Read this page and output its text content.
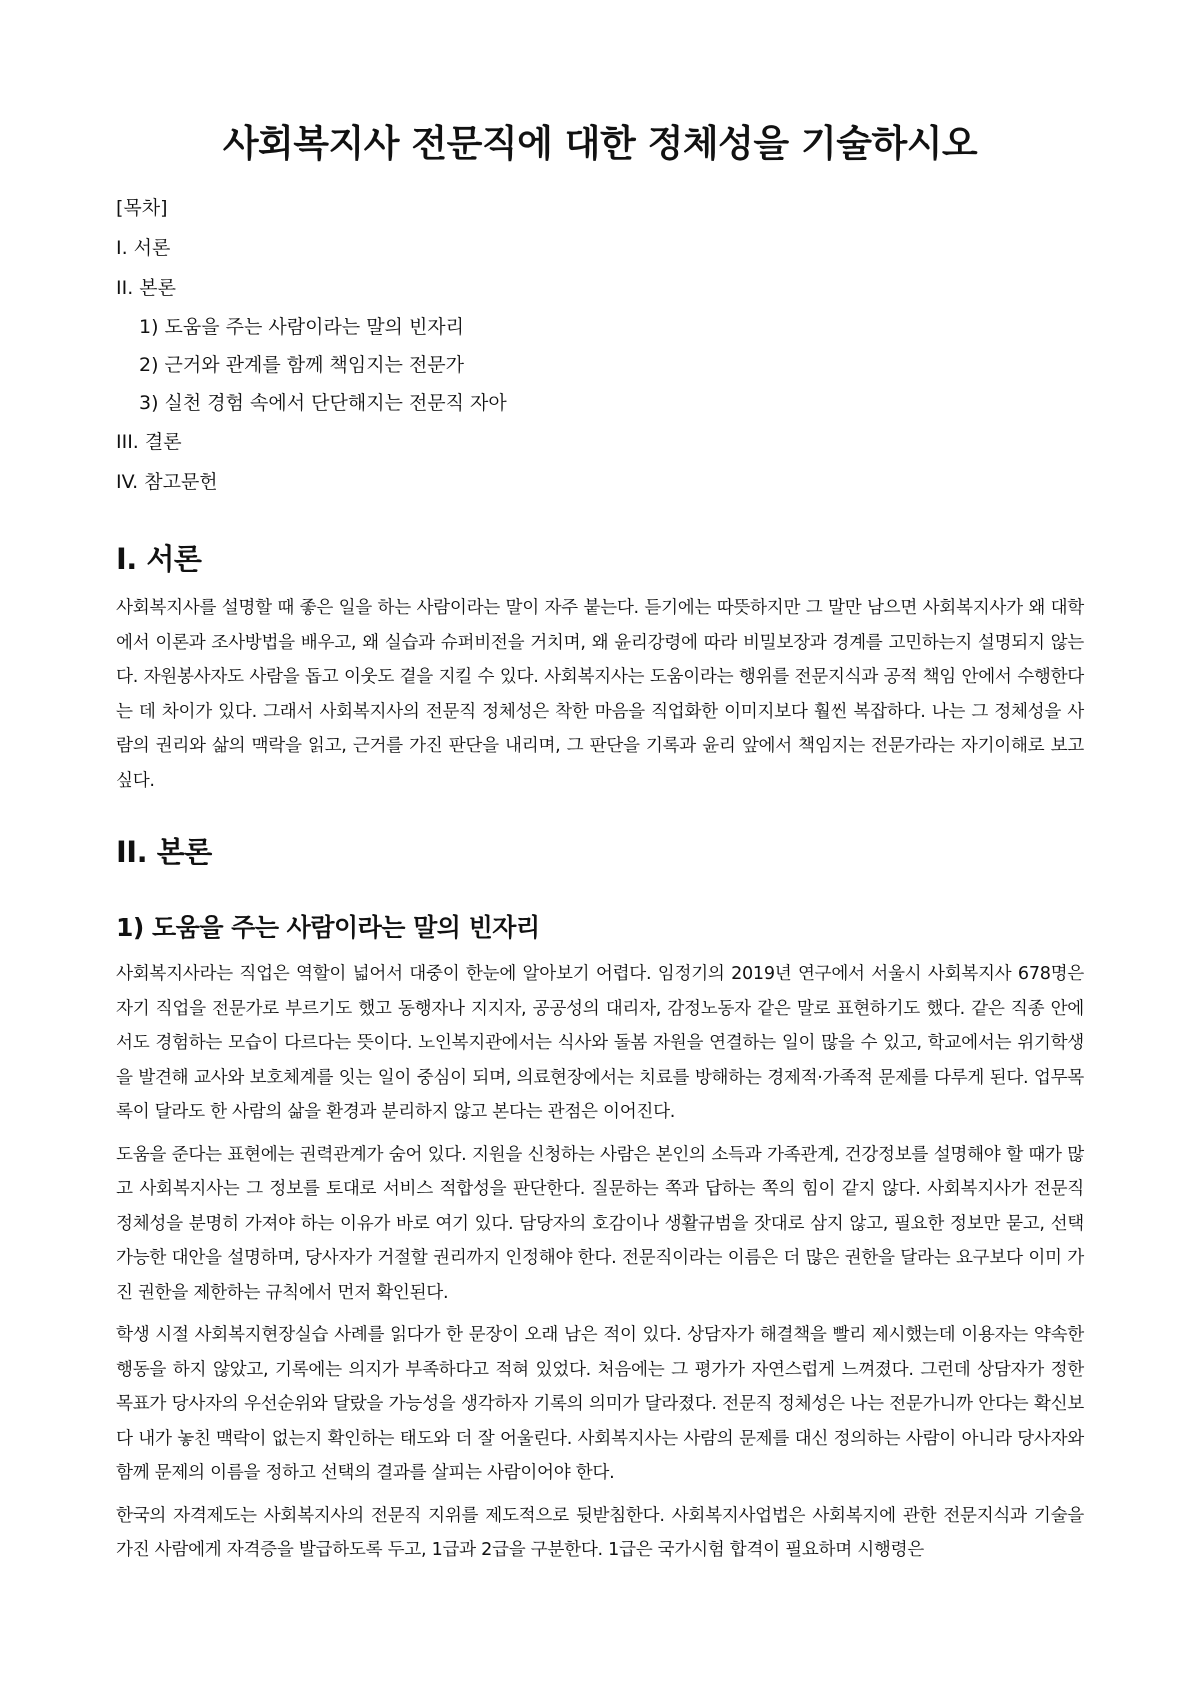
사회복지사 전문직에 대한 정체성을 기술하시오
[목차]
I. 서론
II. 본론
1) 도움을 주는 사람이라는 말의 빈자리
2) 근거와 관계를 함께 책임지는 전문가
3) 실천 경험 속에서 단단해지는 전문직 자아
III. 결론
IV. 참고문헌
I. 서론

사회복지사를 설명할 때 좋은 일을 하는 사람이라는 말이 자주 붙는다. 듣기에는 따뜻하지만 그 말만 남으면 사회복지사가 왜 대학에서 이론과 조사방법을 배우고, 왜 실습과 슈퍼비전을 거치며, 왜 윤리강령에 따라 비밀보장과 경계를 고민하는지 설명되지 않는다. 자원봉사자도 사람을 돕고 이웃도 곁을 지킬 수 있다. 사회복지사는 도움이라는 행위를 전문지식과 공적 책임 안에서 수행한다는 데 차이가 있다. 그래서 사회복지사의 전문직 정체성은 착한 마음을 직업화한 이미지보다 훨씬 복잡하다. 나는 그 정체성을 사람의 권리와 삶의 맥락을 읽고, 근거를 가진 판단을 내리며, 그 판단을 기록과 윤리 앞에서 책임지는 전문가라는 자기이해로 보고 싶다.

II. 본론
1) 도움을 주는 사람이라는 말의 빈자리

사회복지사라는 직업은 역할이 넓어서 대중이 한눈에 알아보기 어렵다. 임정기의 2019년 연구에서 서울시 사회복지사 678명은 자기 직업을 전문가로 부르기도 했고 동행자나 지지자, 공공성의 대리자, 감정노동자 같은 말로 표현하기도 했다. 같은 직종 안에서도 경험하는 모습이 다르다는 뜻이다. 노인복지관에서는 식사와 돌봄 자원을 연결하는 일이 많을 수 있고, 학교에서는 위기학생을 발견해 교사와 보호체계를 잇는 일이 중심이 되며, 의료현장에서는 치료를 방해하는 경제적·가족적 문제를 다루게 된다. 업무목록이 달라도 한 사람의 삶을 환경과 분리하지 않고 본다는 관점은 이어진다.

도움을 준다는 표현에는 권력관계가 숨어 있다. 지원을 신청하는 사람은 본인의 소득과 가족관계, 건강정보를 설명해야 할 때가 많고 사회복지사는 그 정보를 토대로 서비스 적합성을 판단한다. 질문하는 쪽과 답하는 쪽의 힘이 같지 않다. 사회복지사가 전문직 정체성을 분명히 가져야 하는 이유가 바로 여기 있다. 담당자의 호감이나 생활규범을 잣대로 삼지 않고, 필요한 정보만 묻고, 선택 가능한 대안을 설명하며, 당사자가 거절할 권리까지 인정해야 한다. 전문직이라는 이름은 더 많은 권한을 달라는 요구보다 이미 가진 권한을 제한하는 규칙에서 먼저 확인된다.

학생 시절 사회복지현장실습 사례를 읽다가 한 문장이 오래 남은 적이 있다. 상담자가 해결책을 빨리 제시했는데 이용자는 약속한 행동을 하지 않았고, 기록에는 의지가 부족하다고 적혀 있었다. 처음에는 그 평가가 자연스럽게 느껴졌다. 그런데 상담자가 정한 목표가 당사자의 우선순위와 달랐을 가능성을 생각하자 기록의 의미가 달라졌다. 전문직 정체성은 나는 전문가니까 안다는 확신보다 내가 놓친 맥락이 없는지 확인하는 태도와 더 잘 어울린다. 사회복지사는 사람의 문제를 대신 정의하는 사람이 아니라 당사자와 함께 문제의 이름을 정하고 선택의 결과를 살피는 사람이어야 한다.

한국의 자격제도는 사회복지사의 전문직 지위를 제도적으로 뒷받침한다. 사회복지사업법은 사회복지에 관한 전문지식과 기술을 가진 사람에게 자격증을 발급하도록 두고, 1급과 2급을 구분한다. 1급은 국가시험 합격이 필요하며 시행령은
